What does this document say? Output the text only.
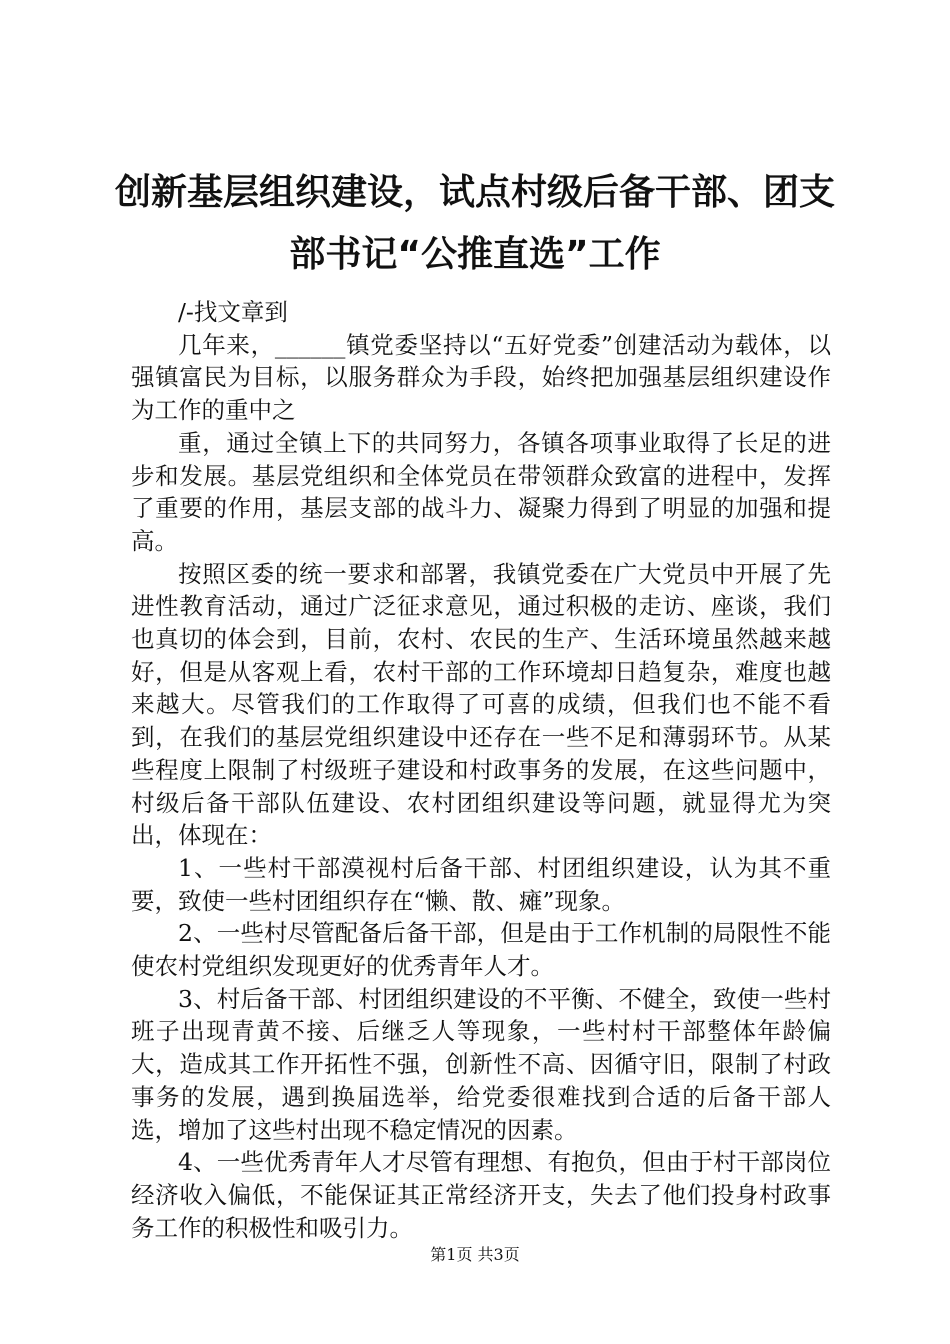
创新基层组织建设，试点村级后备干部、团支
部书记“公推直选”工作

/-找文章到

几年来，______镇党委坚持以“五好党委”创建活动为载体，以强镇富民为目标，以服务群众为手段，始终把加强基层组织建设作为工作的重中之

重，通过全镇上下的共同努力，各镇各项事业取得了长足的进步和发展。基层党组织和全体党员在带领群众致富的进程中，发挥了重要的作用，基层支部的战斗力、凝聚力得到了明显的加强和提高。

按照区委的统一要求和部署，我镇党委在广大党员中开展了先进性教育活动，通过广泛征求意见，通过积极的走访、座谈，我们也真切的体会到，目前，农村、农民的生产、生活环境虽然越来越好，但是从客观上看，农村干部的工作环境却日趋复杂，难度也越来越大。尽管我们的工作取得了可喜的成绩，但我们也不能不看到，在我们的基层党组织建设中还存在一些不足和薄弱环节。从某些程度上限制了村级班子建设和村政事务的发展，在这些问题中，村级后备干部队伍建设、农村团组织建设等问题，就显得尤为突出，体现在：

1、一些村干部漠视村后备干部、村团组织建设，认为其不重要，致使一些村团组织存在“懒、散、瘫”现象。

2、一些村尽管配备后备干部，但是由于工作机制的局限性不能使农村党组织发现更好的优秀青年人才。

3、村后备干部、村团组织建设的不平衡、不健全，致使一些村班子出现青黄不接、后继乏人等现象，一些村村干部整体年龄偏大，造成其工作开拓性不强，创新性不高、因循守旧，限制了村政事务的发展，遇到换届选举，给党委很难找到合适的后备干部人选，增加了这些村出现不稳定情况的因素。

4、一些优秀青年人才尽管有理想、有抱负，但由于村干部岗位经济收入偏低，不能保证其正常经济开支，失去了他们投身村政事务工作的积极性和吸引力。

第1页 共3页
